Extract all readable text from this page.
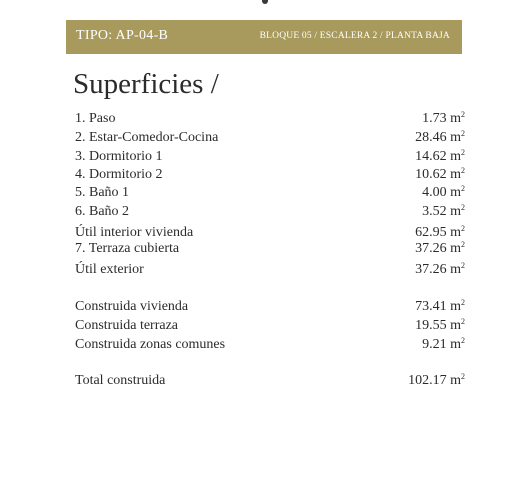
TIPO: AP-04-B	BLOQUE 05 / ESCALERA 2 / PLANTA BAJA
Superficies /
1. Paso	1.73 $m^2$
2. Estar-Comedor-Cocina	28.46 $m^2$
3. Dormitorio 1	14.62 $m^2$
4. Dormitorio 2	10.62 $m^2$
5. Baño 1	4.00 $m^2$
6. Baño 2	3.52 $m^2$
Útil interior vivienda	62.95 $m^2$
7. Terraza cubierta	37.26 $m^2$
Útil exterior	37.26 $m^2$
Construida vivienda	73.41 $m^2$
Construida terraza	19.55 $m^2$
Construida zonas comunes	9.21 $m^2$
Total construida	102.17 $m^2$
